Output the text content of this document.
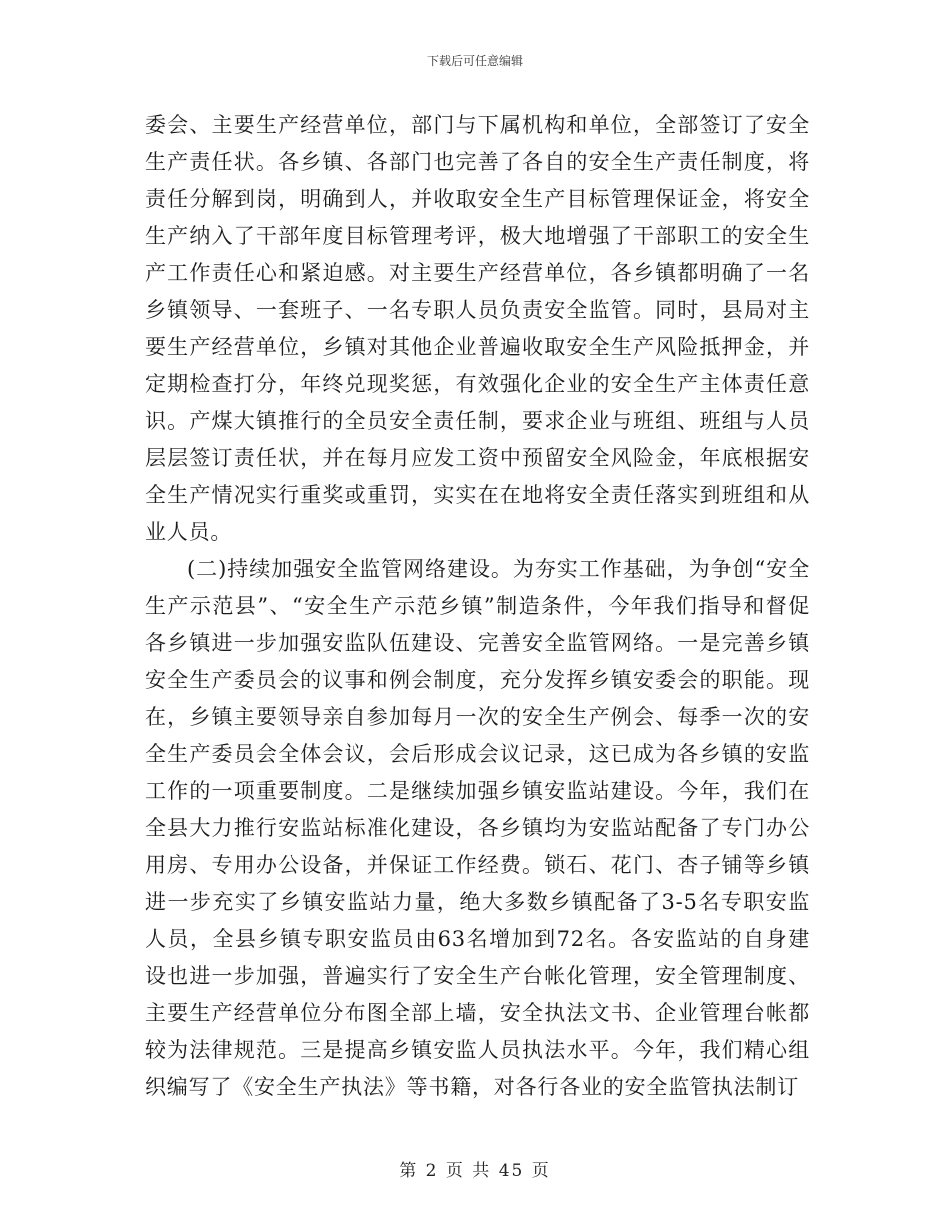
下载后可任意编辑

委会、主要生产经营单位，部门与下属机构和单位，全部签订了安全生产责任状。各乡镇、各部门也完善了各自的安全生产责任制度，将责任分解到岗，明确到人，并收取安全生产目标管理保证金，将安全生产纳入了干部年度目标管理考评，极大地增强了干部职工的安全生产工作责任心和紧迫感。对主要生产经营单位，各乡镇都明确了一名乡镇领导、一套班子、一名专职人员负责安全监管。同时，县局对主要生产经营单位，乡镇对其他企业普遍收取安全生产风险抵押金，并定期检查打分，年终兑现奖惩，有效强化企业的安全生产主体责任意识。产煤大镇推行的全员安全责任制，要求企业与班组、班组与人员层层签订责任状，并在每月应发工资中预留安全风险金，年底根据安全生产情况实行重奖或重罚，实实在在地将安全责任落实到班组和从业人员。

(二)持续加强安全监管网络建设。为夯实工作基础，为争创“安全生产示范县”、“安全生产示范乡镇”制造条件，今年我们指导和督促各乡镇进一步加强安监队伍建设、完善安全监管网络。一是完善乡镇安全生产委员会的议事和例会制度，充分发挥乡镇安委会的职能。现在，乡镇主要领导亲自参加每月一次的安全生产例会、每季一次的安全生产委员会全体会议，会后形成会议记录，这已成为各乡镇的安监工作的一项重要制度。二是继续加强乡镇安监站建设。今年，我们在全县大力推行安监站标准化建设，各乡镇均为安监站配备了专门办公用房、专用办公设备，并保证工作经费。锁石、花门、杏子铺等乡镇进一步充实了乡镇安监站力量，绝大多数乡镇配备了3-5名专职安监人员，全县乡镇专职安监员由63名增加到72名。各安监站的自身建设也进一步加强，普遍实行了安全生产台帐化管理，安全管理制度、主要生产经营单位分布图全部上墙，安全执法文书、企业管理台帐都较为法律规范。三是提高乡镇安监人员执法水平。今年，我们精心组织编写了《安全生产执法》等书籍，对各行各业的安全监管执法制订

第 2 页 共 45 页
